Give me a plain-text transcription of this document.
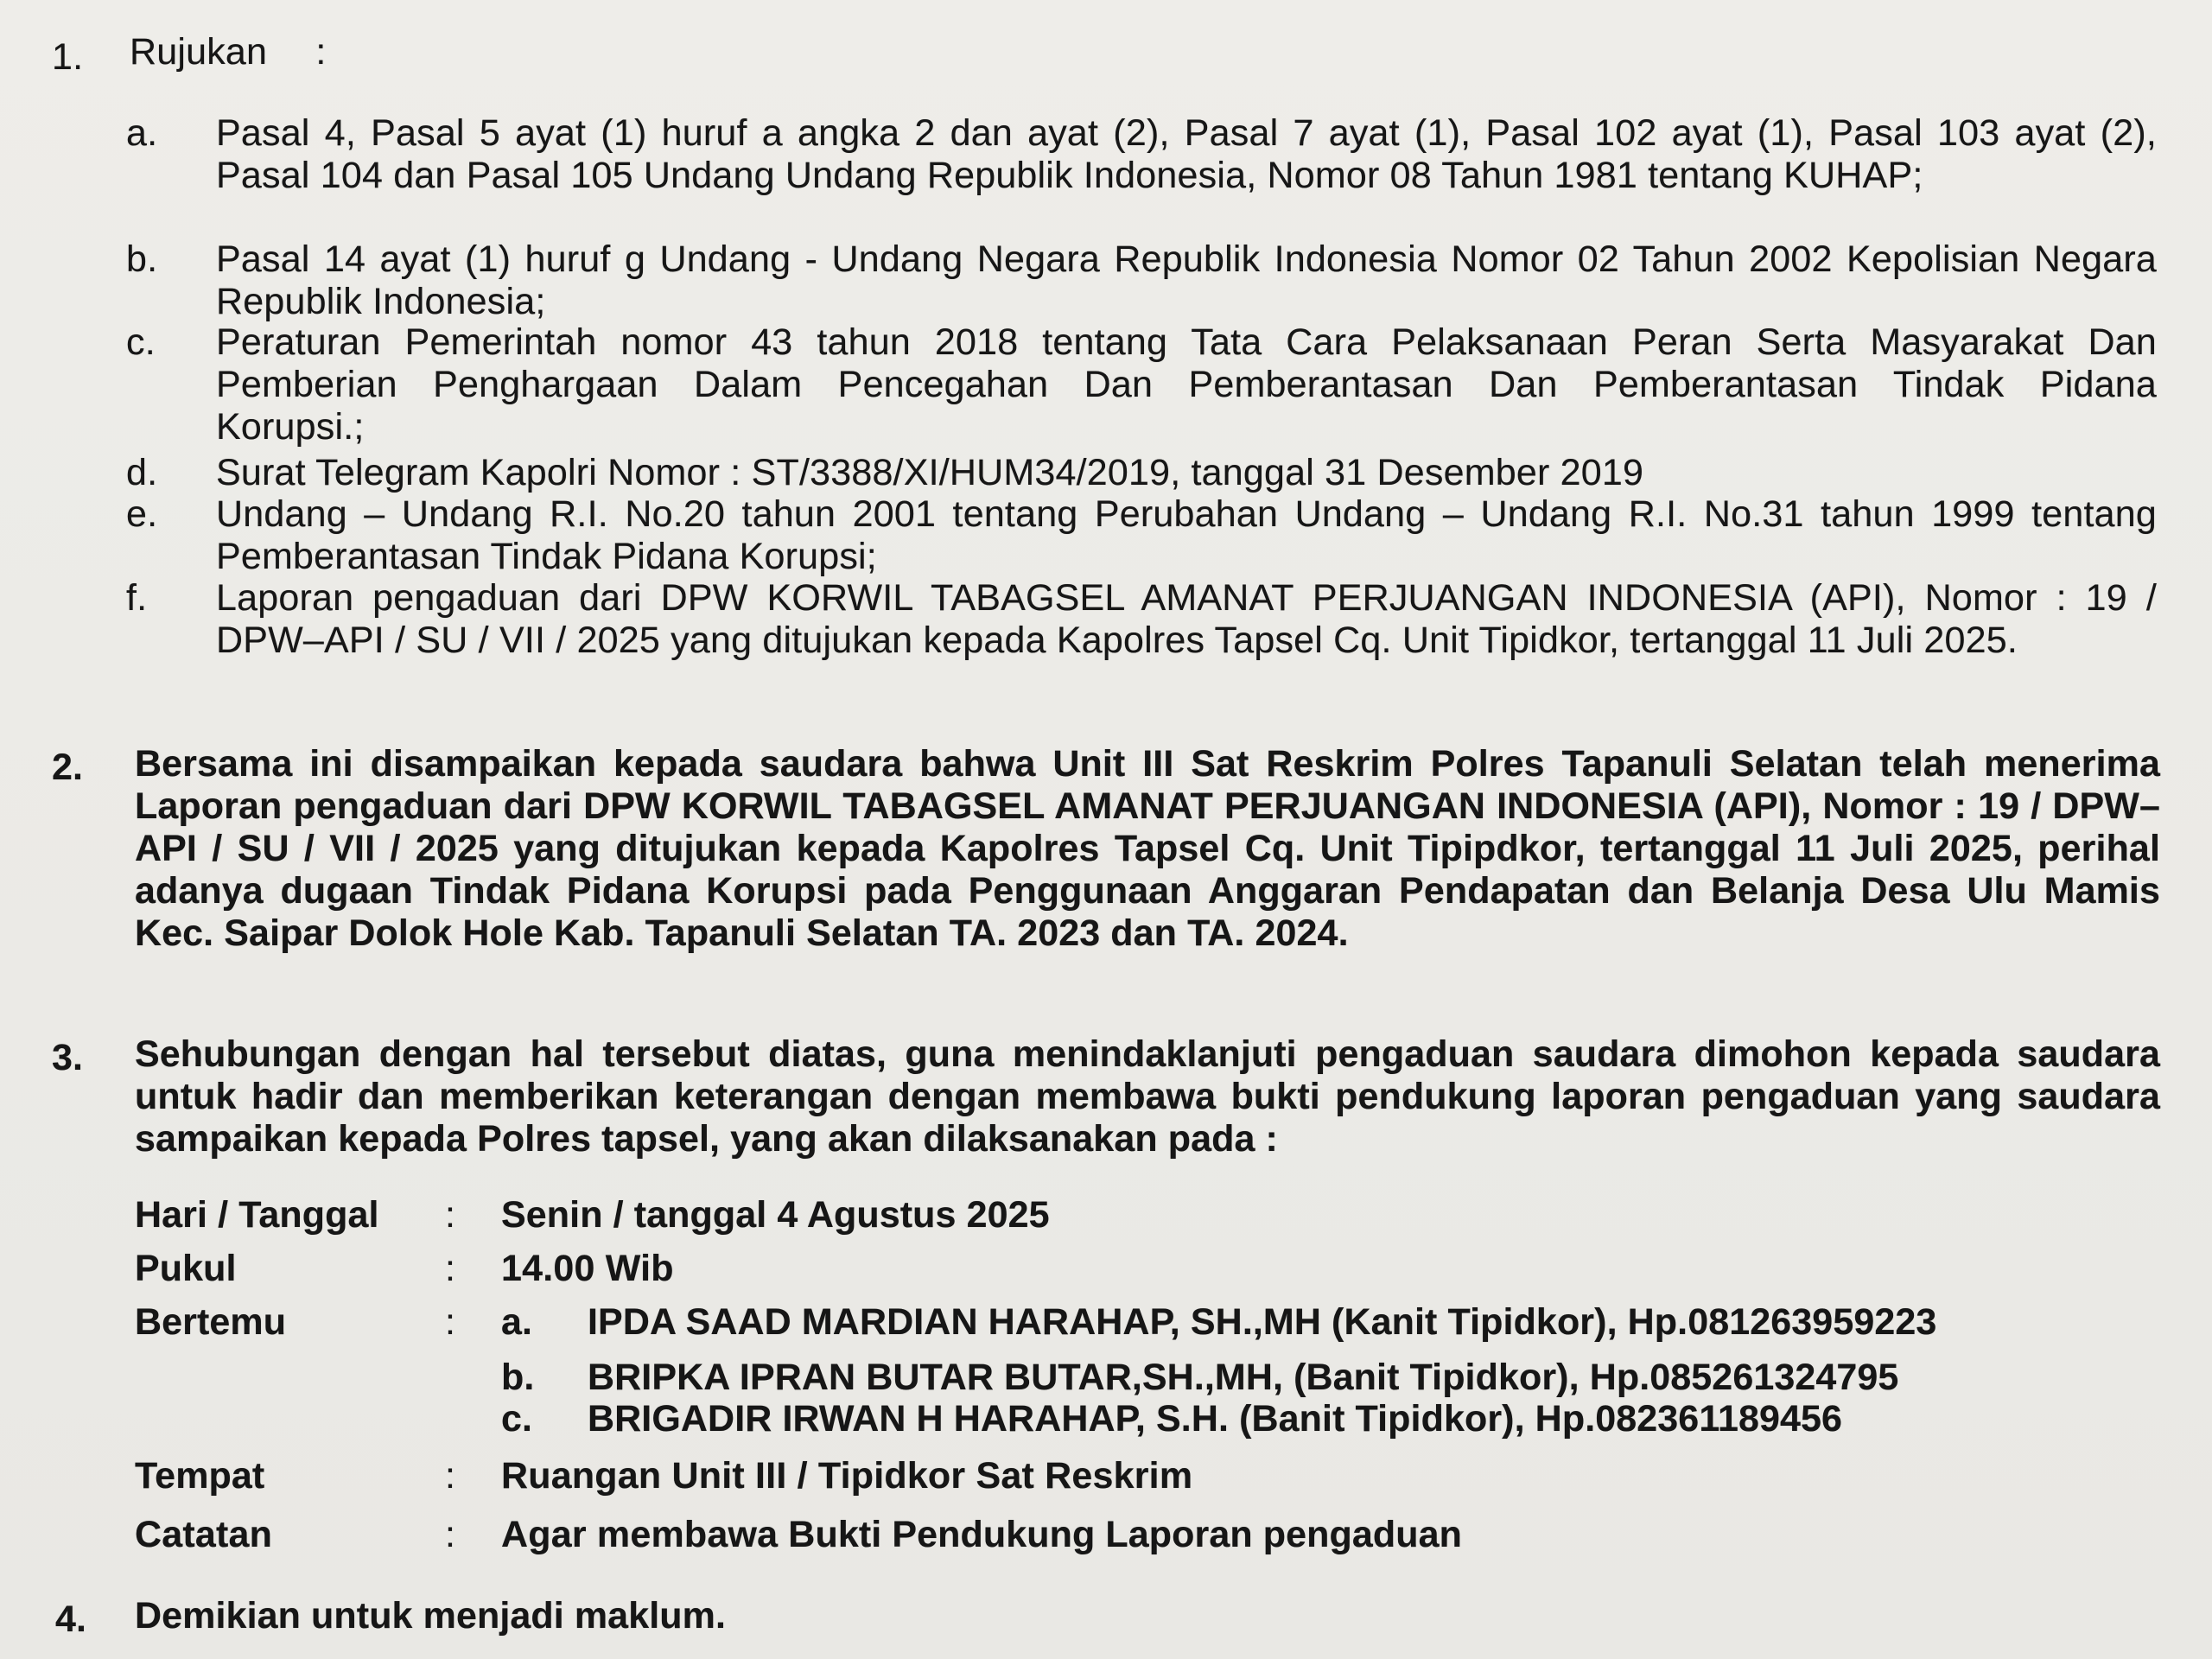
1. Rujukan :
a.	Pasal 4, Pasal 5 ayat (1) huruf a angka 2 dan ayat (2), Pasal 7 ayat (1), Pasal 102 ayat (1), Pasal 103 ayat (2), Pasal 104 dan Pasal 105 Undang Undang Republik Indonesia, Nomor 08 Tahun 1981 tentang KUHAP;
b.	Pasal 14 ayat (1) huruf g Undang - Undang Negara Republik Indonesia Nomor 02 Tahun 2002 Kepolisian Negara Republik Indonesia;
c.	Peraturan Pemerintah nomor 43 tahun 2018 tentang Tata Cara Pelaksanaan Peran Serta Masyarakat Dan Pemberian Penghargaan Dalam Pencegahan Dan Pemberantasan Dan Pemberantasan Tindak Pidana Korupsi.;
d.	Surat Telegram Kapolri Nomor : ST/3388/XI/HUM34/2019, tanggal 31 Desember 2019
e.	Undang – Undang R.I. No.20 tahun 2001 tentang Perubahan Undang – Undang R.I. No.31 tahun 1999 tentang Pemberantasan Tindak Pidana Korupsi;
f.	Laporan pengaduan dari DPW KORWIL TABAGSEL AMANAT PERJUANGAN INDONESIA (API), Nomor : 19 / DPW–API / SU / VII / 2025 yang ditujukan kepada Kapolres Tapsel Cq. Unit Tipidkor, tertanggal 11 Juli 2025.
2. Bersama ini disampaikan kepada saudara bahwa Unit III Sat Reskrim Polres Tapanuli Selatan telah menerima Laporan pengaduan dari DPW KORWIL TABAGSEL AMANAT PERJUANGAN INDONESIA (API), Nomor : 19 / DPW–API / SU / VII / 2025 yang ditujukan kepada Kapolres Tapsel Cq. Unit Tipipdkor, tertanggal 11 Juli 2025, perihal adanya dugaan Tindak Pidana Korupsi pada Penggunaan Anggaran Pendapatan dan Belanja Desa Ulu Mamis Kec. Saipar Dolok Hole Kab. Tapanuli Selatan TA. 2023 dan TA. 2024.
3. Sehubungan dengan hal tersebut diatas, guna menindaklanjuti pengaduan saudara dimohon kepada saudara untuk hadir dan memberikan keterangan dengan membawa bukti pendukung laporan pengaduan yang saudara sampaikan kepada Polres tapsel, yang akan dilaksanakan pada :
Hari / Tanggal : Senin / tanggal 4 Agustus 2025
Pukul	: 14.00 Wib
Bertemu	: a. IPDA SAAD MARDIAN HARAHAP, SH.,MH (Kanit Tipidkor), Hp.081263959223
b. BRIPKA IPRAN BUTAR BUTAR,SH.,MH, (Banit Tipidkor), Hp.085261324795
c. BRIGADIR IRWAN H HARAHAP, S.H. (Banit Tipidkor), Hp.082361189456
Tempat	: Ruangan Unit III / Tipidkor Sat Reskrim
Catatan	: Agar membawa Bukti Pendukung Laporan pengaduan
4. Demikian untuk menjadi maklum.
